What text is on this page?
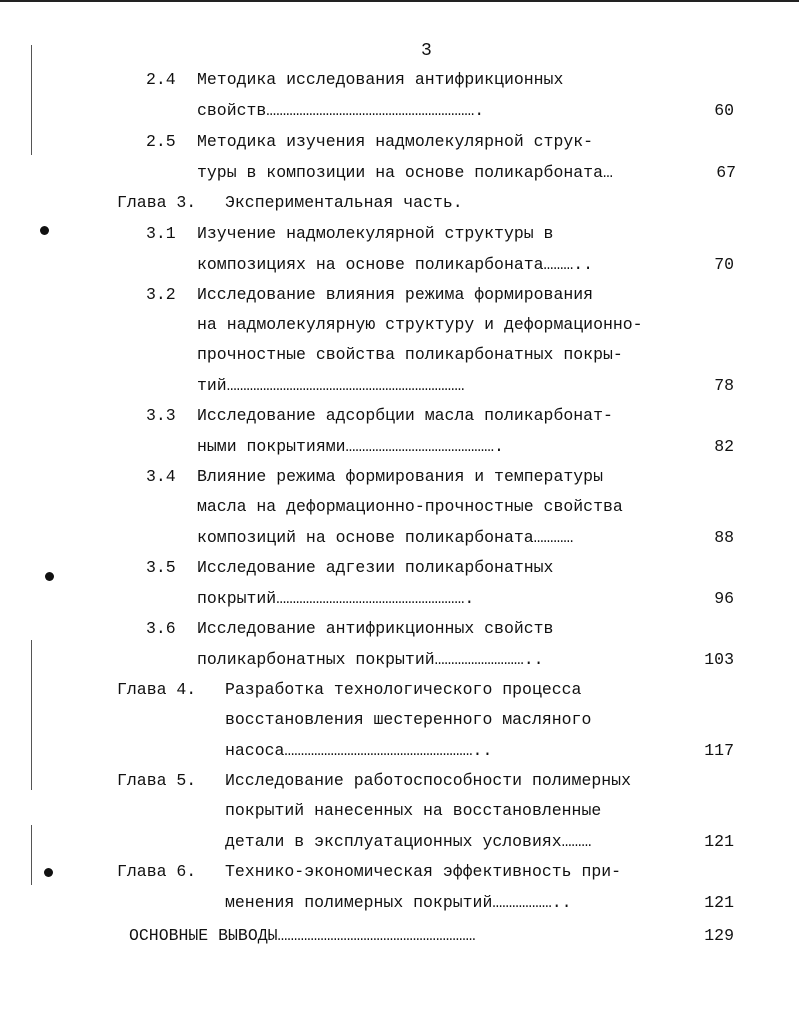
3
2.4 Методика исследования антифрикционных
свойств……………………………………………………….	60
2.5 Методика изучения надмолекулярной струк-
туры в композиции на основе поликарбоната…	67
Глава 3. Экспериментальная часть.
3.1 Изучение надмолекулярной структуры в
композициях на основе поликарбоната………..	70
3.2 Исследование влияния режима формирования
на надмолекулярную структуру и деформационно-
прочностные свойства поликарбонатных покры-
тий………………………………………………………………	78
3.3 Исследование адсорбции масла поликарбонат-
ными покрытиями……………………………………….	82
3.4 Влияние режима формирования и температуры
масла на деформационно-прочностные свойства
композиций на основе поликарбоната…………	88
3.5 Исследование адгезии поликарбонатных
покрытий………………………………………………….	96
3.6 Исследование антифрикционных свойств
поликарбонатных покрытий………………………..	103
Глава 4. Разработка технологического процесса
восстановления шестеренного масляного
насоса…………………………………………………..	117
Глава 5. Исследование работоспособности полимерных
покрытий нанесенных на восстановленные
детали в эксплуатационных условиях………	121
Глава 6. Технико-экономическая эффективность при-
менения полимерных покрытий………………..	121
ОСНОВНЫЕ ВЫВОДЫ……………………………………………………	129
